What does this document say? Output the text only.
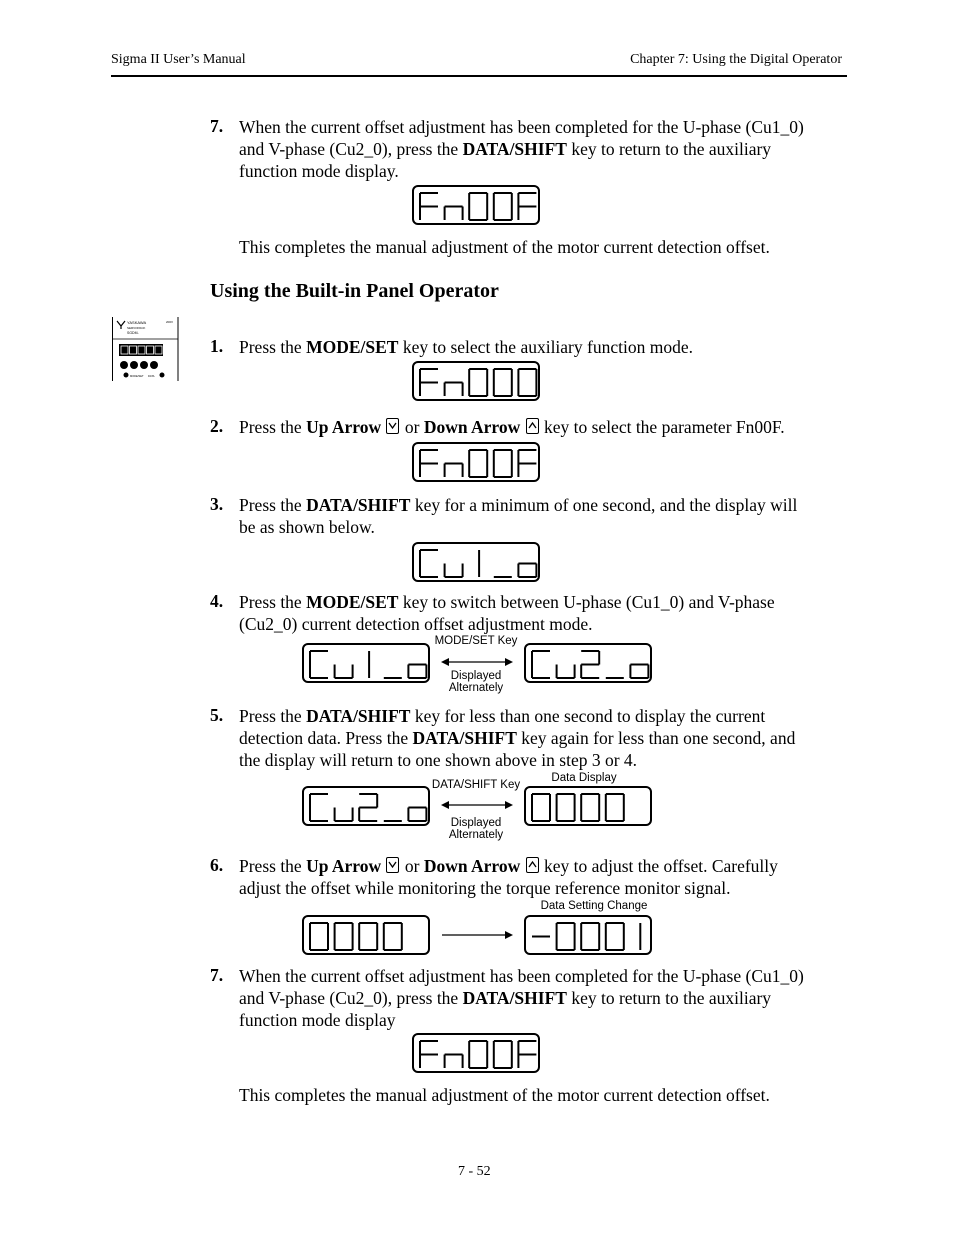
Sigma II User’s Manual	Chapter 7: Using the Digital Operator
7. When the current offset adjustment has been completed for the U-phase (Cu1_0)
and V-phase (Cu2_0), press the DATA/SHIFT key to return to the auxiliary
function mode display.
Fn00F
This completes the manual adjustment of the motor current detection offset.
Using the Built-in Panel Operator
YASKAWA
SERVOPACK
SGDM-
200V
MODE/SET DATA
1. Press the MODE/SET key to select the auxiliary function mode.
Fn000
2. Press the Up Arrow
or Down Arrow
key to select the parameter Fn00F.
Fn00F
3. Press the DATA/SHIFT key for a minimum of one second, and the display will
be as shown below.
Cu1_o
4. Press the MODE/SET key to switch between U-phase (Cu1_0) and V-phase
(Cu2_0) current detection offset adjustment mode.
Cu1_o	Cu2_o
MODE/SET Key
Displayed
Alternately
5. Press the DATA/SHIFT key for less than one second to display the current
detection data. Press the DATA/SHIFT key again for less than one second, and
the display will return to one shown above in step 3 or 4.
Cu2_o	0000
DATA/SHIFT Key
Data Display
Displayed
Alternately
6. Press the Up Arrow
or Down Arrow
key to adjust the offset. Carefully
adjust the offset while monitoring the torque reference monitor signal.
0000	-0001
Data Setting Change
7. When the current offset adjustment has been completed for the U-phase (Cu1_0)
and V-phase (Cu2_0), press the DATA/SHIFT key to return to the auxiliary
function mode display
Fn00F
This completes the manual adjustment of the motor current detection offset.
7 - 52
